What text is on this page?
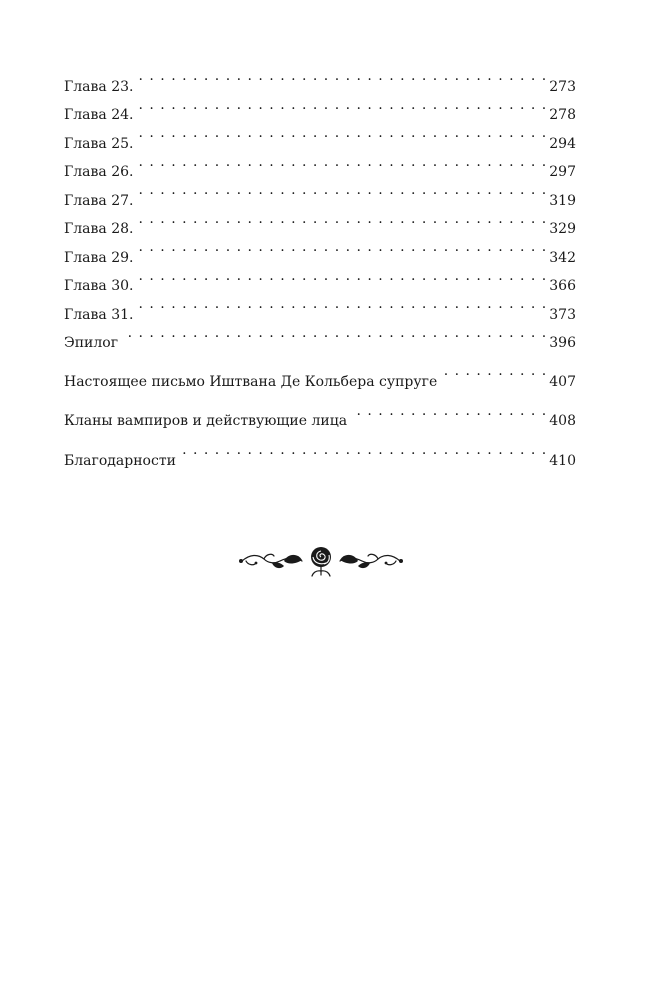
Глава 23. . . .	273
Глава 24. . . .	278
Глава 25. . . .	294
Глава 26. . . .	297
Глава 27. . . .	319
Глава 28. . . .	329
Глава 29. . . .	342
Глава 30. . . .	366
Глава 31. . . .	373
Эпилог . . .	396
Настоящее письмо Иштвана Де Кольбера супруге . . .	407
Кланы вампиров и действующие лица . . .	408
Благодарности . . .	410
